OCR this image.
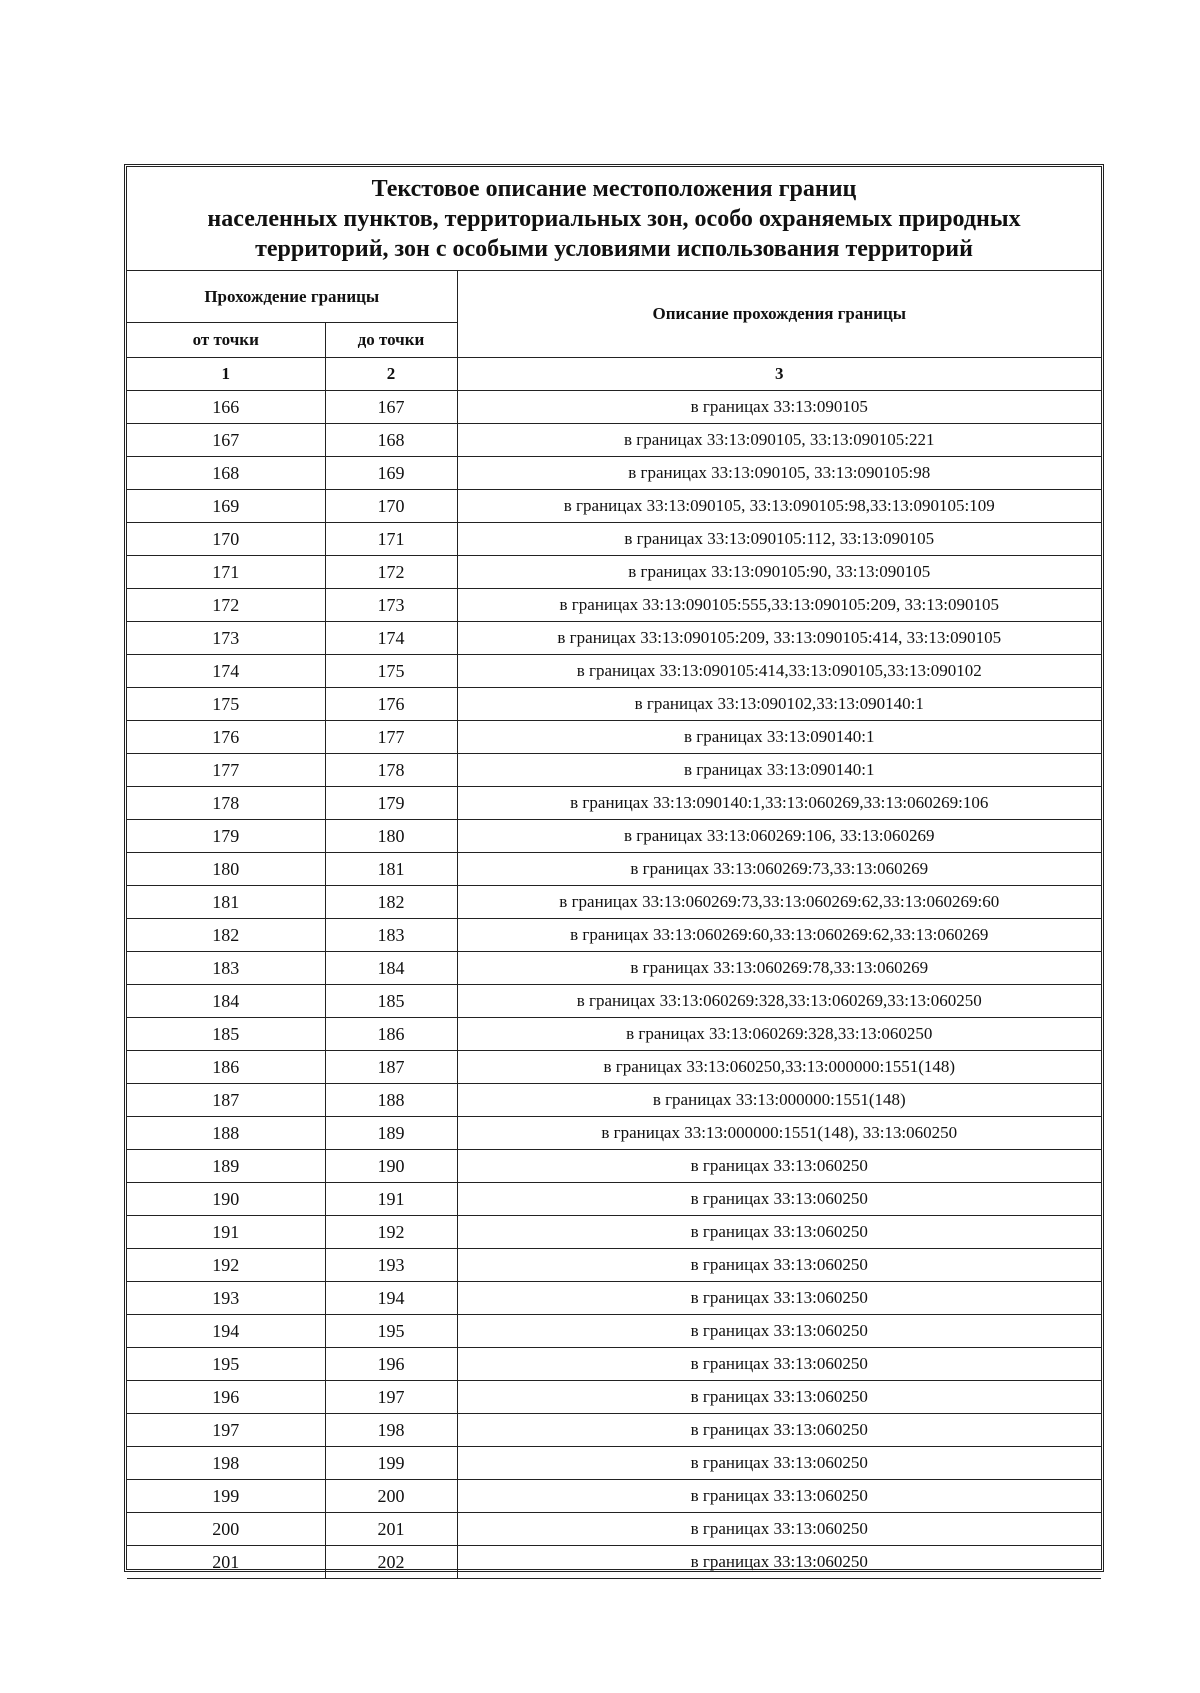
Текстовое описание местоположения границ
населенных пунктов, территориальных зон, особо охраняемых природных
территорий, зон с особыми условиями использования территорий
Прохождение границы		Описание прохождения границы
от точки	до точки	
1	2	3
166	167	в границах 33:13:090105
167	168	в границах 33:13:090105, 33:13:090105:221
168	169	в границах 33:13:090105, 33:13:090105:98
169	170	в границах 33:13:090105, 33:13:090105:98,33:13:090105:109
170	171	в границах 33:13:090105:112, 33:13:090105
171	172	в границах 33:13:090105:90, 33:13:090105
172	173	в границах 33:13:090105:555,33:13:090105:209, 33:13:090105
173	174	в границах 33:13:090105:209, 33:13:090105:414, 33:13:090105
174	175	в границах 33:13:090105:414,33:13:090105,33:13:090102
175	176	в границах 33:13:090102,33:13:090140:1
176	177	в границах 33:13:090140:1
177	178	в границах 33:13:090140:1
178	179	в границах 33:13:090140:1,33:13:060269,33:13:060269:106
179	180	в границах 33:13:060269:106, 33:13:060269
180	181	в границах 33:13:060269:73,33:13:060269
181	182	в границах 33:13:060269:73,33:13:060269:62,33:13:060269:60
182	183	в границах 33:13:060269:60,33:13:060269:62,33:13:060269
183	184	в границах 33:13:060269:78,33:13:060269
184	185	в границах 33:13:060269:328,33:13:060269,33:13:060250
185	186	в границах 33:13:060269:328,33:13:060250
186	187	в границах 33:13:060250,33:13:000000:1551(148)
187	188	в границах 33:13:000000:1551(148)
188	189	в границах 33:13:000000:1551(148), 33:13:060250
189	190	в границах 33:13:060250
190	191	в границах 33:13:060250
191	192	в границах 33:13:060250
192	193	в границах 33:13:060250
193	194	в границах 33:13:060250
194	195	в границах 33:13:060250
195	196	в границах 33:13:060250
196	197	в границах 33:13:060250
197	198	в границах 33:13:060250
198	199	в границах 33:13:060250
199	200	в границах 33:13:060250
200	201	в границах 33:13:060250
201	202	в границах 33:13:060250
